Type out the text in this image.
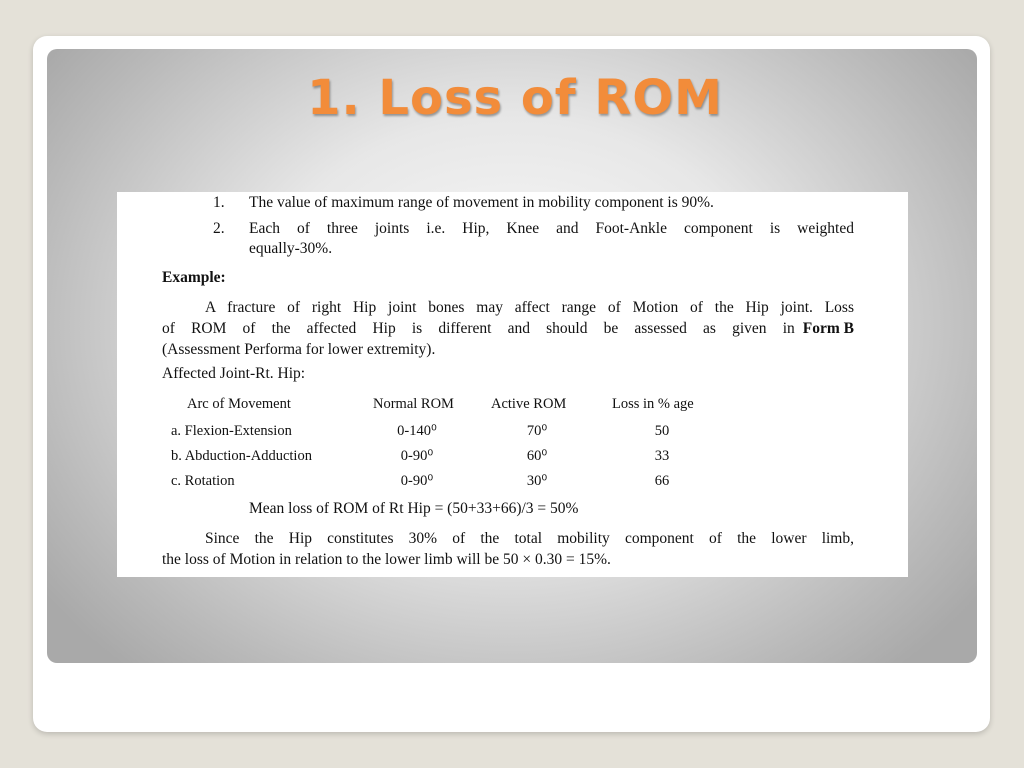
1. Loss of ROM
1. The value of maximum range of movement in mobility component is 90%.
2. Each of three joints i.e. Hip, Knee and Foot-Ankle component is weighted
equally-30%.
Example:
A fracture of right Hip joint bones may affect range of Motion of the Hip joint. Loss
of ROM of the affected Hip is different and should be assessed as given in Form B
(Assessment Performa for lower extremity).
Affected Joint-Rt. Hip:
Arc of Movement	Normal ROM	Active ROM	Loss in % age
a. Flexion-Extension	0-140⁰	70⁰	50
b. Abduction-Adduction	0-90⁰	60⁰	33
c. Rotation	0-90⁰	30⁰	66
Mean loss of ROM of Rt Hip = (50+33+66)/3 = 50%
Since the Hip constitutes 30% of the total mobility component of the lower limb,
the loss of Motion in relation to the lower limb will be 50 × 0.30 = 15%.
